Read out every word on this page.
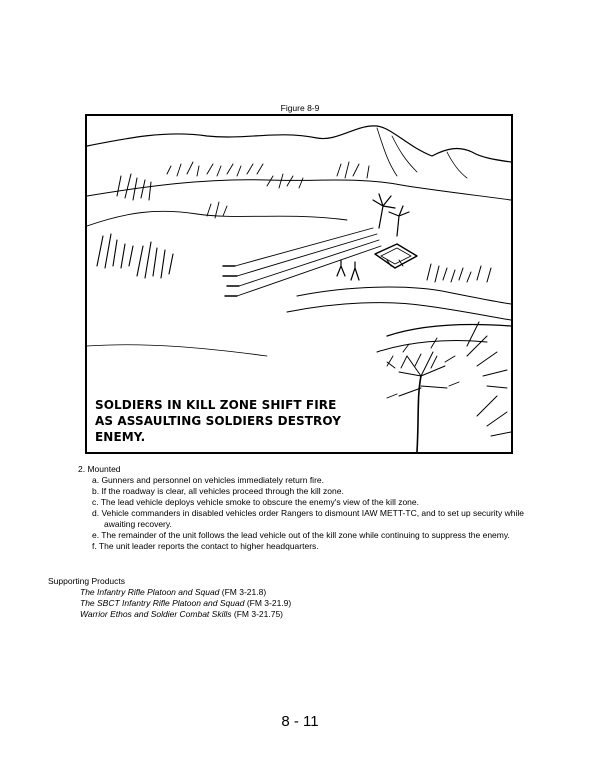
Figure 8-9
SOLDIERS IN KILL ZONE SHIFT FIRE
AS ASSAULTING SOLDIERS DESTROY
ENEMY.
2. Mounted
a. Gunners and personnel on vehicles immediately return fire.
b. If the roadway is clear, all vehicles proceed through the kill zone.
c. The lead vehicle deploys vehicle smoke to obscure the enemy's view of the kill zone.
d. Vehicle commanders in disabled vehicles order Rangers to dismount IAW METT-TC, and to set up security while
awaiting recovery.
e. The remainder of the unit follows the lead vehicle out of the kill zone while continuing to suppress the enemy.
f. The unit leader reports the contact to higher headquarters.
Supporting Products
The Infantry Rifle Platoon and Squad (FM 3-21.8)
The SBCT Infantry Rifle Platoon and Squad (FM 3-21.9)
Warrior Ethos and Soldier Combat Skills (FM 3-21.75)
8 - 11
